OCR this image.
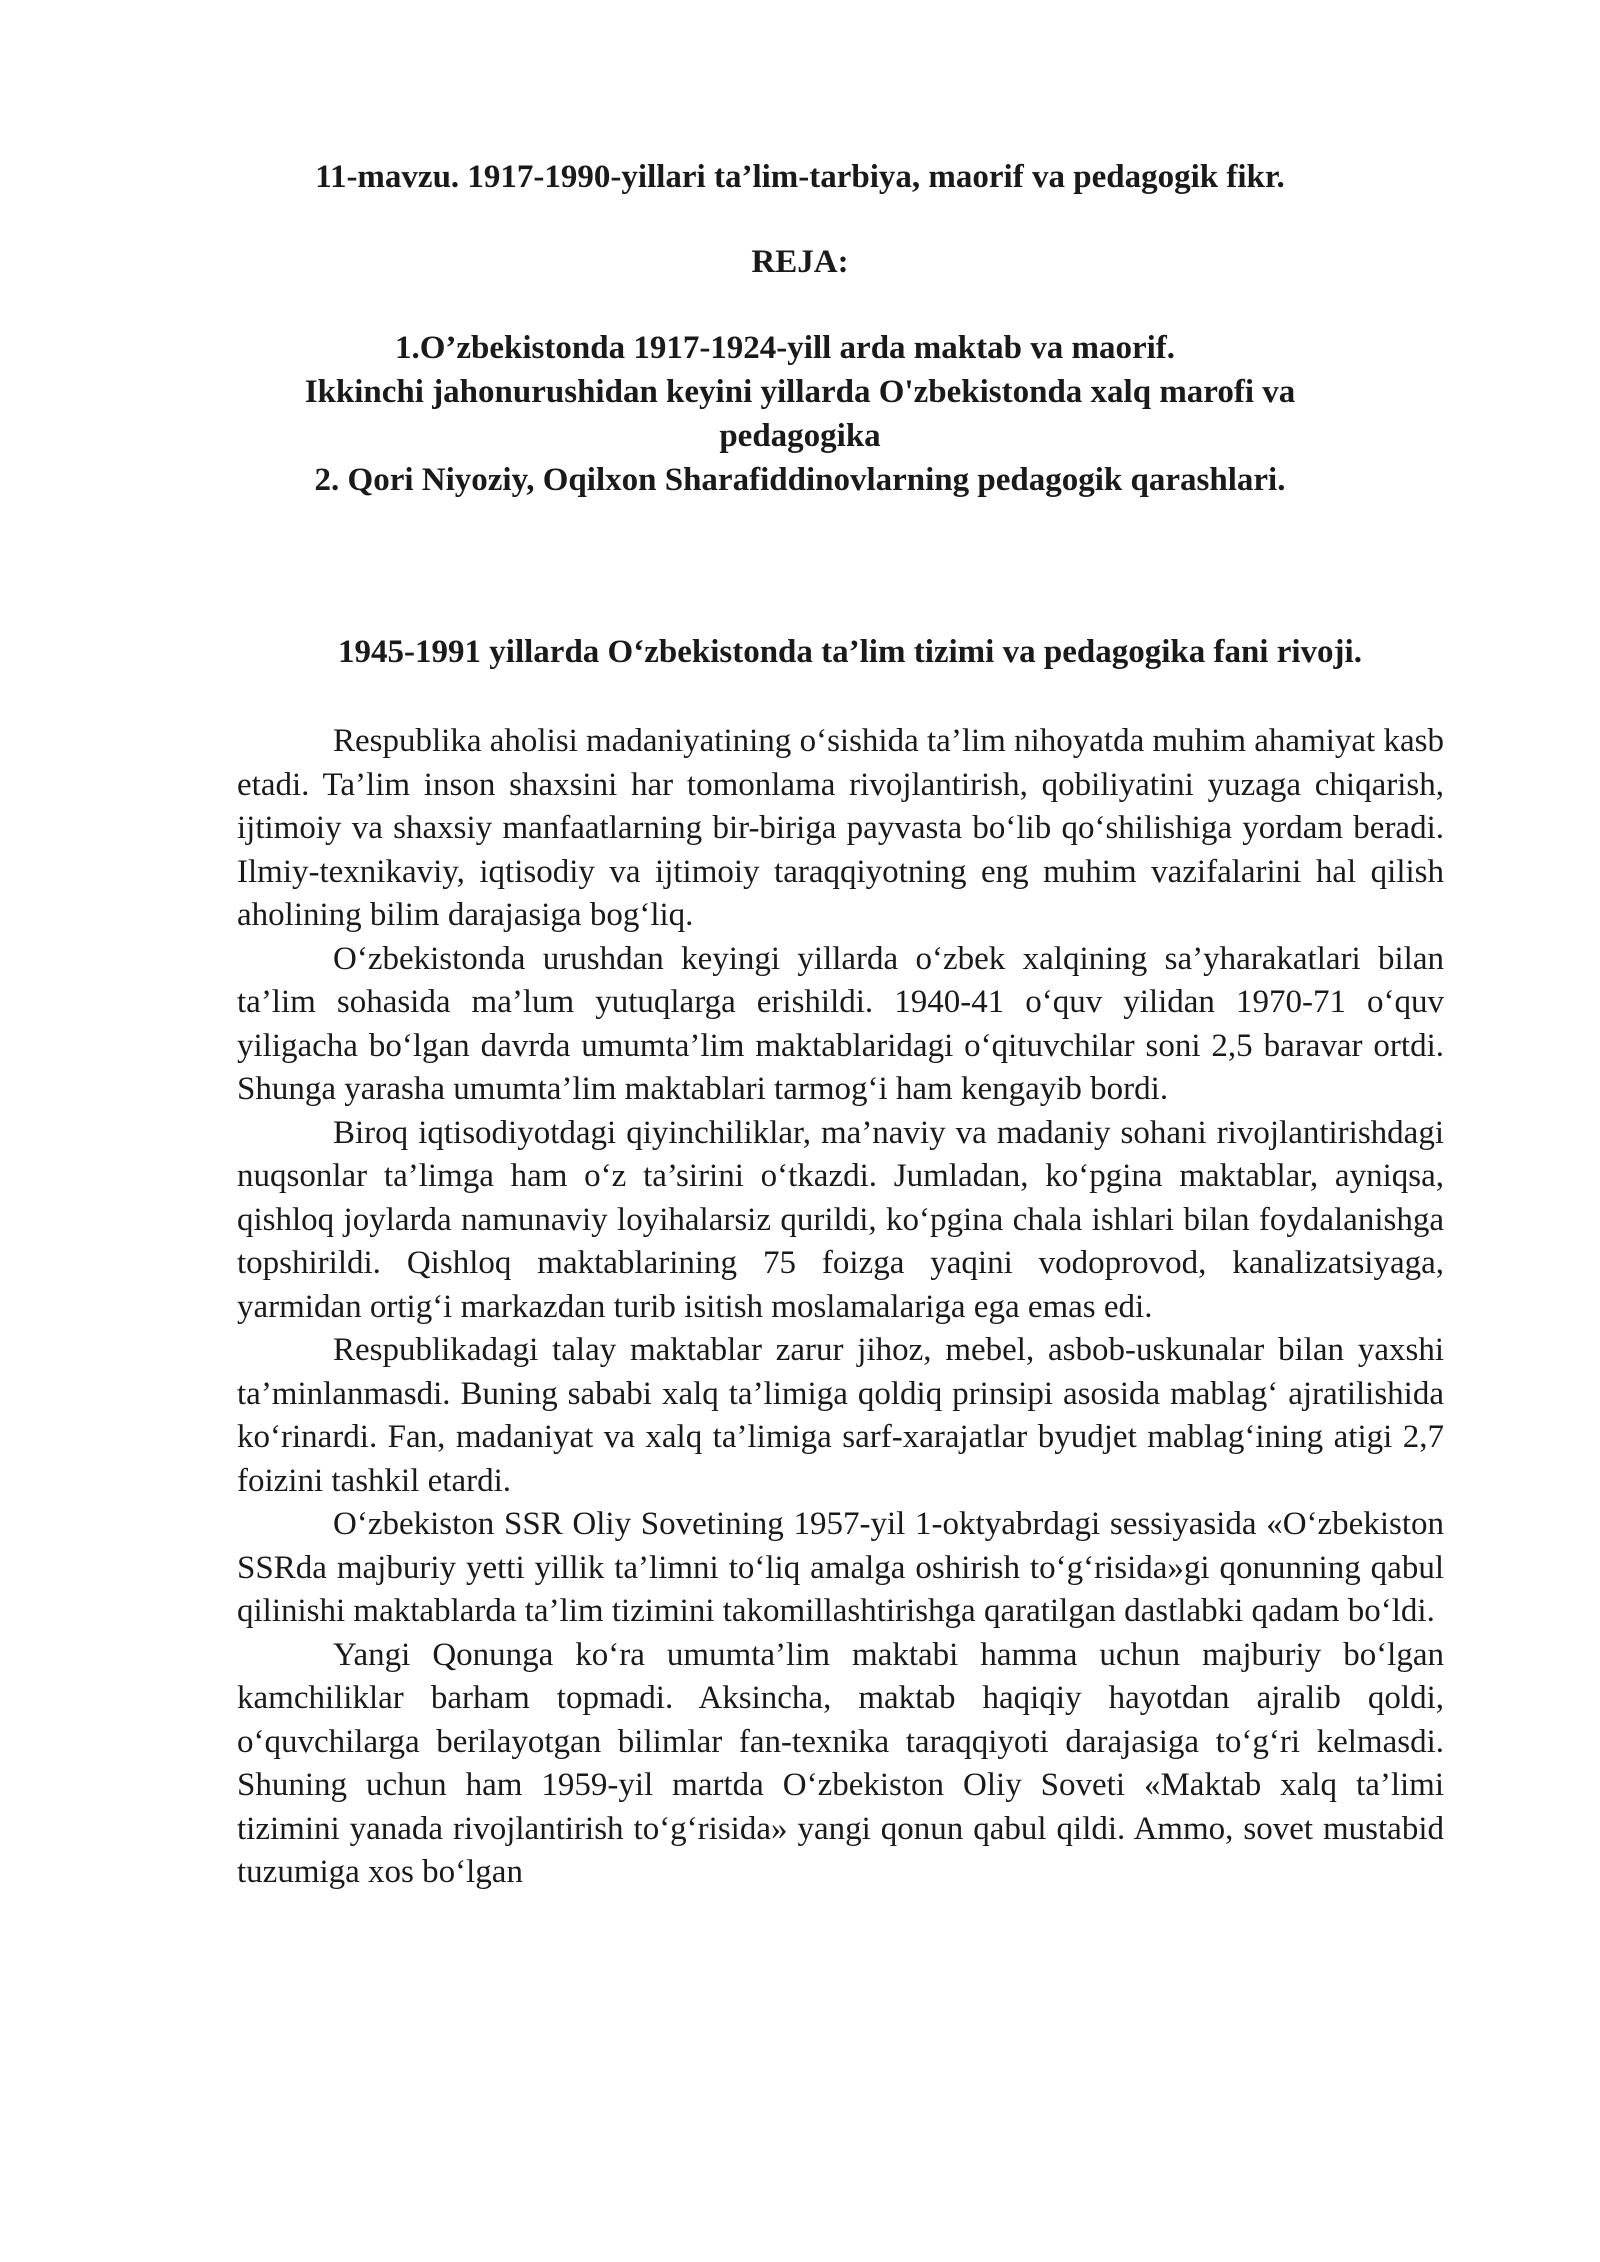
11-mavzu. 1917-1990-yillari ta’lim-tarbiya, maorif va pedagogik fikr.
REJA:

1.O’zbekistonda 1917-1924-yill arda maktab va maorif.

Ikkinchi jahonurushidan keyini yillarda O'zbekistonda xalq marofi va

pedagogika

2. Qori Niyoziy, Oqilxon Sharafiddinovlarning pedagogik qarashlari.

1945-1991 yillarda O‘zbekistonda ta’lim tizimi va pedagogika fani rivoji.

Respublika aholisi madaniyatining o‘sishida ta’lim nihoyatda muhim ahamiyat kasb etadi. Ta’lim inson shaxsini har tomonlama rivojlantirish, qobiliyatini yuzaga chiqarish, ijtimoiy va shaxsiy manfaatlarning bir-biriga payvasta bo‘lib qo‘shilishiga yordam beradi. Ilmiy-texnikaviy, iqtisodiy va ijtimoiy taraqqiyotning eng muhim vazifalarini hal qilish aholining bilim darajasiga bog‘liq.

O‘zbekistonda urushdan keyingi yillarda o‘zbek xalqining sa’yharakatlari bilan ta’lim sohasida ma’lum yutuqlarga erishildi. 1940-41 o‘quv yilidan 1970-71 o‘quv yiligacha bo‘lgan davrda umumta’lim maktablaridagi o‘qituvchilar soni 2,5 baravar ortdi. Shunga yarasha umumta’lim maktablari tarmog‘i ham kengayib bordi.

Biroq iqtisodiyotdagi qiyinchiliklar, ma’naviy va madaniy sohani rivojlantirishdagi nuqsonlar ta’limga ham o‘z ta’sirini o‘tkazdi. Jumladan, ko‘pgina maktablar, ayniqsa, qishloq joylarda namunaviy loyihalarsiz qurildi, ko‘pgina chala ishlari bilan foydalanishga topshirildi. Qishloq maktablarining 75 foizga yaqini vodoprovod, kanalizatsiyaga, yarmidan ortig‘i markazdan turib isitish moslamalariga ega emas edi.

Respublikadagi talay maktablar zarur jihoz, mebel, asbob-uskunalar bilan yaxshi ta’minlanmasdi. Buning sababi xalq ta’limiga qoldiq prinsipi asosida mablag‘ ajratilishida ko‘rinardi. Fan, madaniyat va xalq ta’limiga sarf-xarajatlar byudjet mablag‘ining atigi 2,7 foizini tashkil etardi.

O‘zbekiston SSR Oliy Sovetining 1957-yil 1-oktyabrdagi sessiyasida «O‘zbekiston SSRda majburiy yetti yillik ta’limni to‘liq amalga oshirish to‘g‘risida»gi qonunning qabul qilinishi maktablarda ta’lim tizimini takomillashtirishga qaratilgan dastlabki qadam bo‘ldi.

Yangi Qonunga ko‘ra umumta’lim maktabi hamma uchun majburiy bo‘lgan kamchiliklar barham topmadi. Aksincha, maktab haqiqiy hayotdan ajralib qoldi, o‘quvchilarga berilayotgan bilimlar fan-texnika taraqqiyoti darajasiga to‘g‘ri kelmasdi. Shuning uchun ham 1959-yil martda O‘zbekiston Oliy Soveti «Maktab xalq ta’limi tizimini yanada rivojlantirish to‘g‘risida» yangi qonun qabul qildi. Ammo, sovet mustabid tuzumiga xos bo‘lgan
